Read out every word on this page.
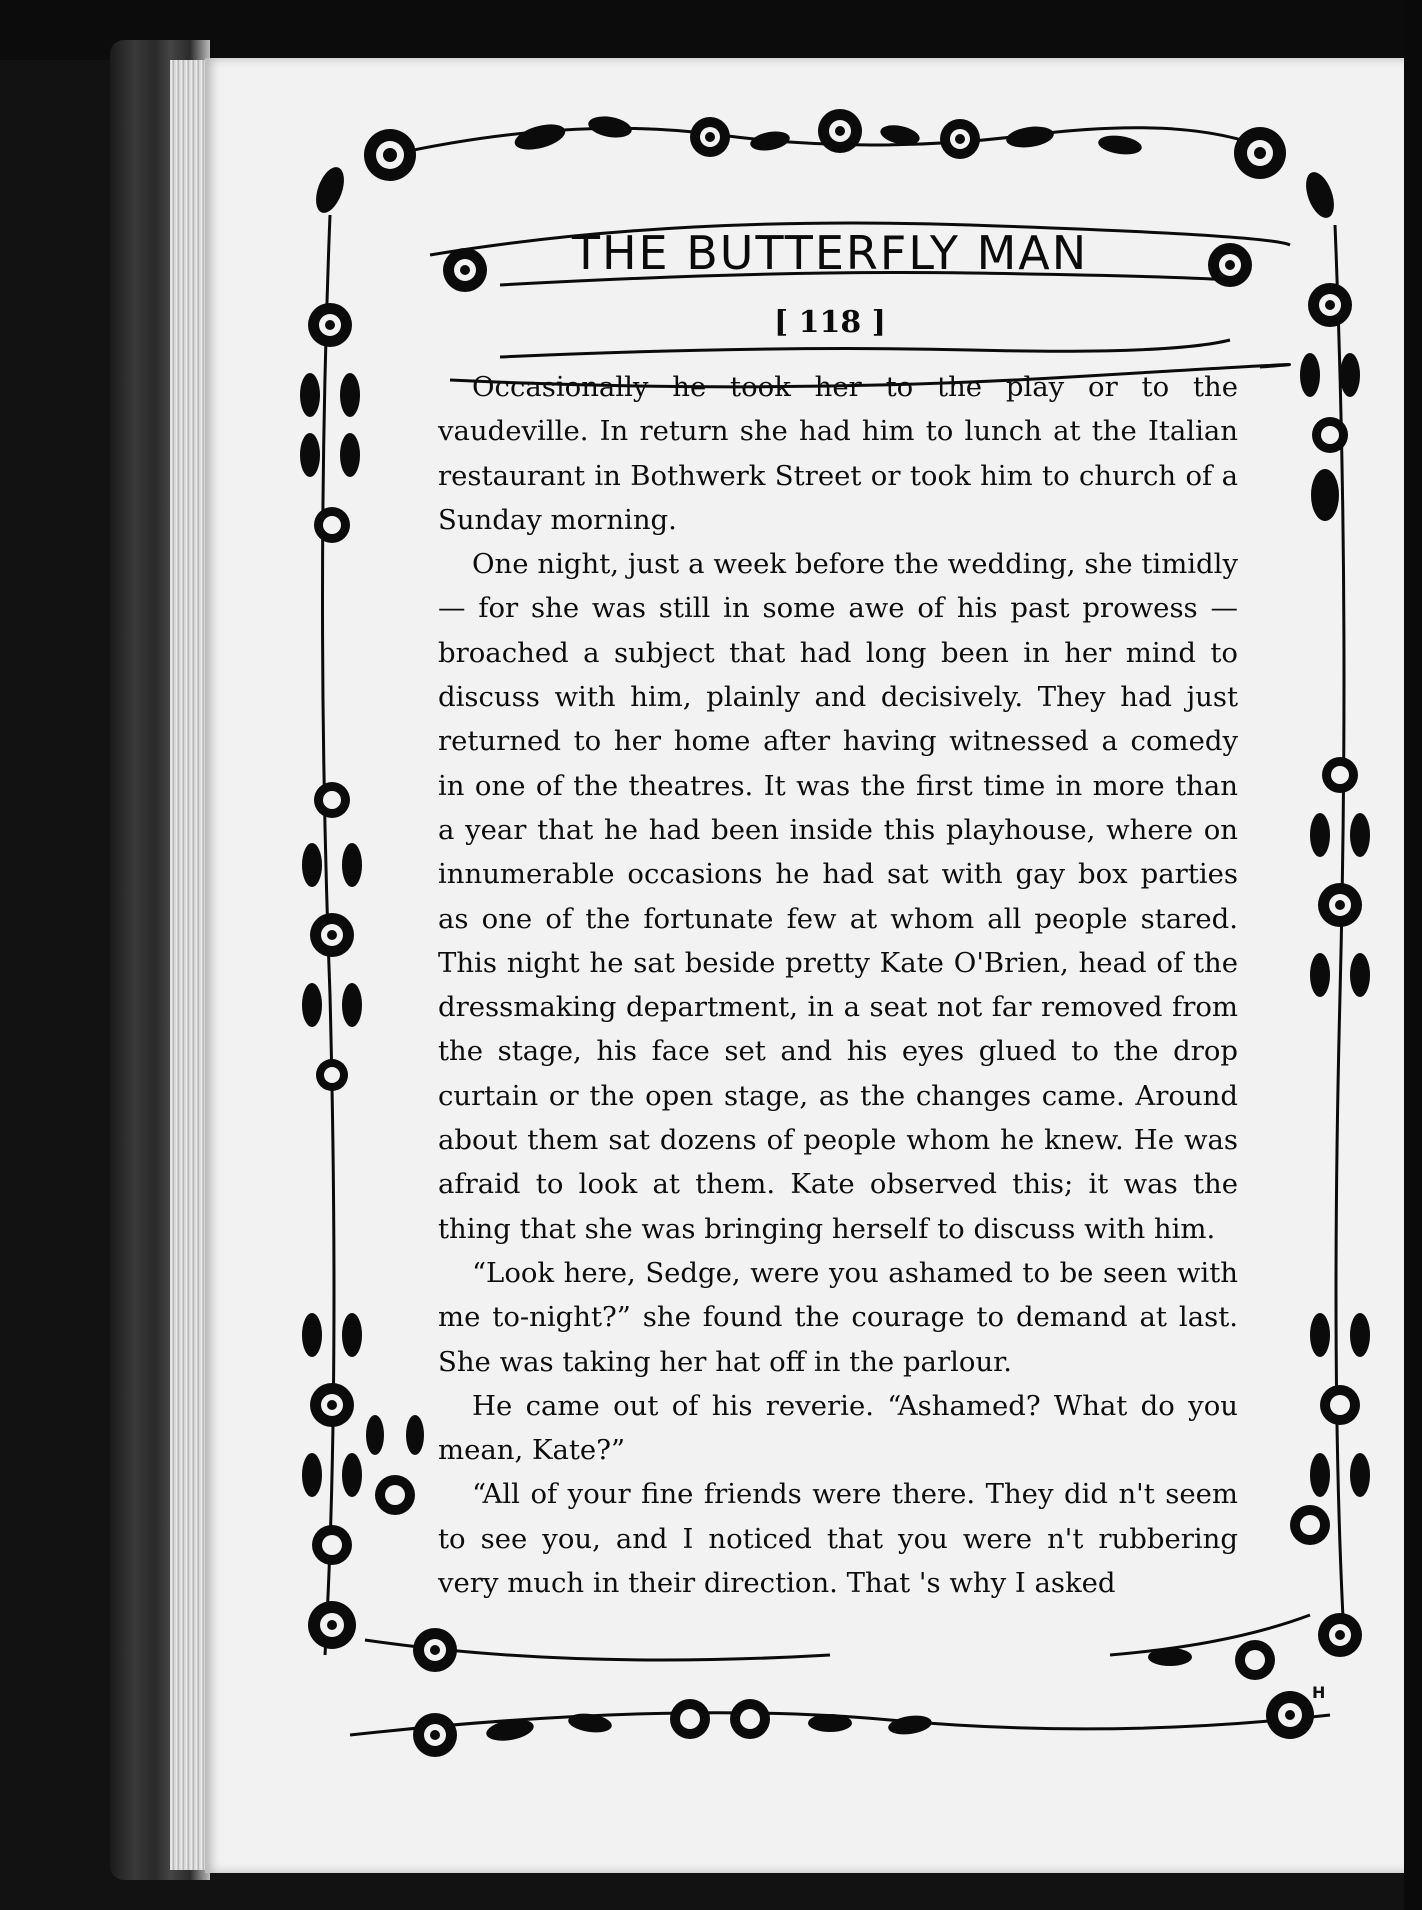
THE BUTTERFLY MAN
[ 118 ]

Occasionally he took her to the play or to the vaudeville. In return she had him to lunch at the Italian restaurant in Bothwerk Street or took him to church of a Sunday morning.

One night, just a week before the wedding, she timidly — for she was still in some awe of his past prowess — broached a subject that had long been in her mind to discuss with him, plainly and decisively. They had just returned to her home after having witnessed a comedy in one of the theatres. It was the first time in more than a year that he had been inside this playhouse, where on innumerable occasions he had sat with gay box parties as one of the fortunate few at whom all people stared. This night he sat beside pretty Kate O'Brien, head of the dressmaking department, in a seat not far removed from the stage, his face set and his eyes glued to the drop curtain or the open stage, as the changes came. Around about them sat dozens of people whom he knew. He was afraid to look at them. Kate observed this; it was the thing that she was bringing herself to discuss with him.

“Look here, Sedge, were you ashamed to be seen with me to-night?” she found the courage to demand at last. She was taking her hat off in the parlour.

He came out of his reverie. “Ashamed? What do you mean, Kate?”

“All of your fine friends were there. They did n't seem to see you, and I noticed that you were n't rubbering very much in their direction. That 's why I asked

H
